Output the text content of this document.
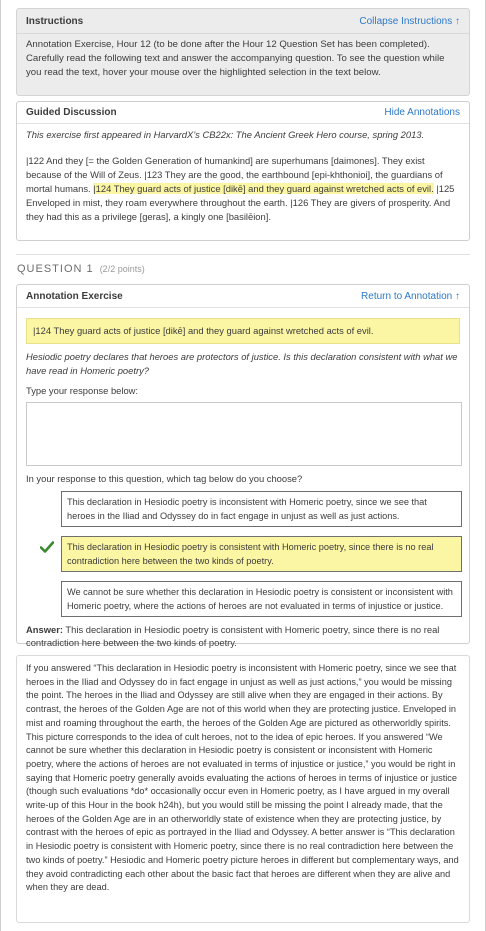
Instructions	Collapse Instructions ↑
Annotation Exercise, Hour 12 (to be done after the Hour 12 Question Set has been completed). Carefully read the following text and answer the accompanying question. To see the question while you read the text, hover your mouse over the highlighted selection in the text below.
Guided Discussion	Hide Annotations
This exercise first appeared in HarvardX’s CB22x: The Ancient Greek Hero course, spring 2013.
|122 And they [= the Golden Generation of humankind] are superhumans [daimones]. They exist because of the Will of Zeus. |123 They are the good, the earthbound [epi-khthonioi], the guardians of mortal humans. |124 They guard acts of justice [dikē] and they guard against wretched acts of evil. |125 Enveloped in mist, they roam everywhere throughout the earth. |126 They are givers of prosperity. And they had this as a privilege [geras], a kingly one [basilēion].
QUESTION 1 (2/2 points)
Annotation Exercise	Return to Annotation ↑
|124 They guard acts of justice [dikē] and they guard against wretched acts of evil.
Hesiodic poetry declares that heroes are protectors of justice. Is this declaration consistent with what we have read in Homeric poetry?
Type your response below:
In your response to this question, which tag below do you choose?
This declaration in Hesiodic poetry is inconsistent with Homeric poetry, since we see that heroes in the Iliad and Odyssey do in fact engage in unjust as well as just actions.
This declaration in Hesiodic poetry is consistent with Homeric poetry, since there is no real contradiction here between the two kinds of poetry.
We cannot be sure whether this declaration in Hesiodic poetry is consistent or inconsistent with Homeric poetry, where the actions of heroes are not evaluated in terms of injustice or justice.
Answer: This declaration in Hesiodic poetry is consistent with Homeric poetry, since there is no real contradiction here between the two kinds of poetry.
If you answered “This declaration in Hesiodic poetry is inconsistent with Homeric poetry, since we see that heroes in the Iliad and Odyssey do in fact engage in unjust as well as just actions,” you would be missing the point. The heroes in the Iliad and Odyssey are still alive when they are engaged in their actions. By contrast, the heroes of the Golden Age are not of this world when they are protecting justice. Enveloped in mist and roaming throughout the earth, the heroes of the Golden Age are pictured as otherworldly spirits. This picture corresponds to the idea of cult heroes, not to the idea of epic heroes. If you answered “We cannot be sure whether this declaration in Hesiodic poetry is consistent or inconsistent with Homeric poetry, where the actions of heroes are not evaluated in terms of injustice or justice,” you would be right in saying that Homeric poetry generally avoids evaluating the actions of heroes in terms of injustice or justice (though such evaluations *do* occasionally occur even in Homeric poetry, as I have argued in my overall write-up of this Hour in the book h24h), but you would still be missing the point I already made, that the heroes of the Golden Age are in an otherworldly state of existence when they are protecting justice, by contrast with the heroes of epic as portrayed in the Iliad and Odyssey. A better answer is “This declaration in Hesiodic poetry is consistent with Homeric poetry, since there is no real contradiction here between the two kinds of poetry.” Hesiodic and Homeric poetry picture heroes in different but complementary ways, and they avoid contradicting each other about the basic fact that heroes are different when they are alive and when they are dead.
